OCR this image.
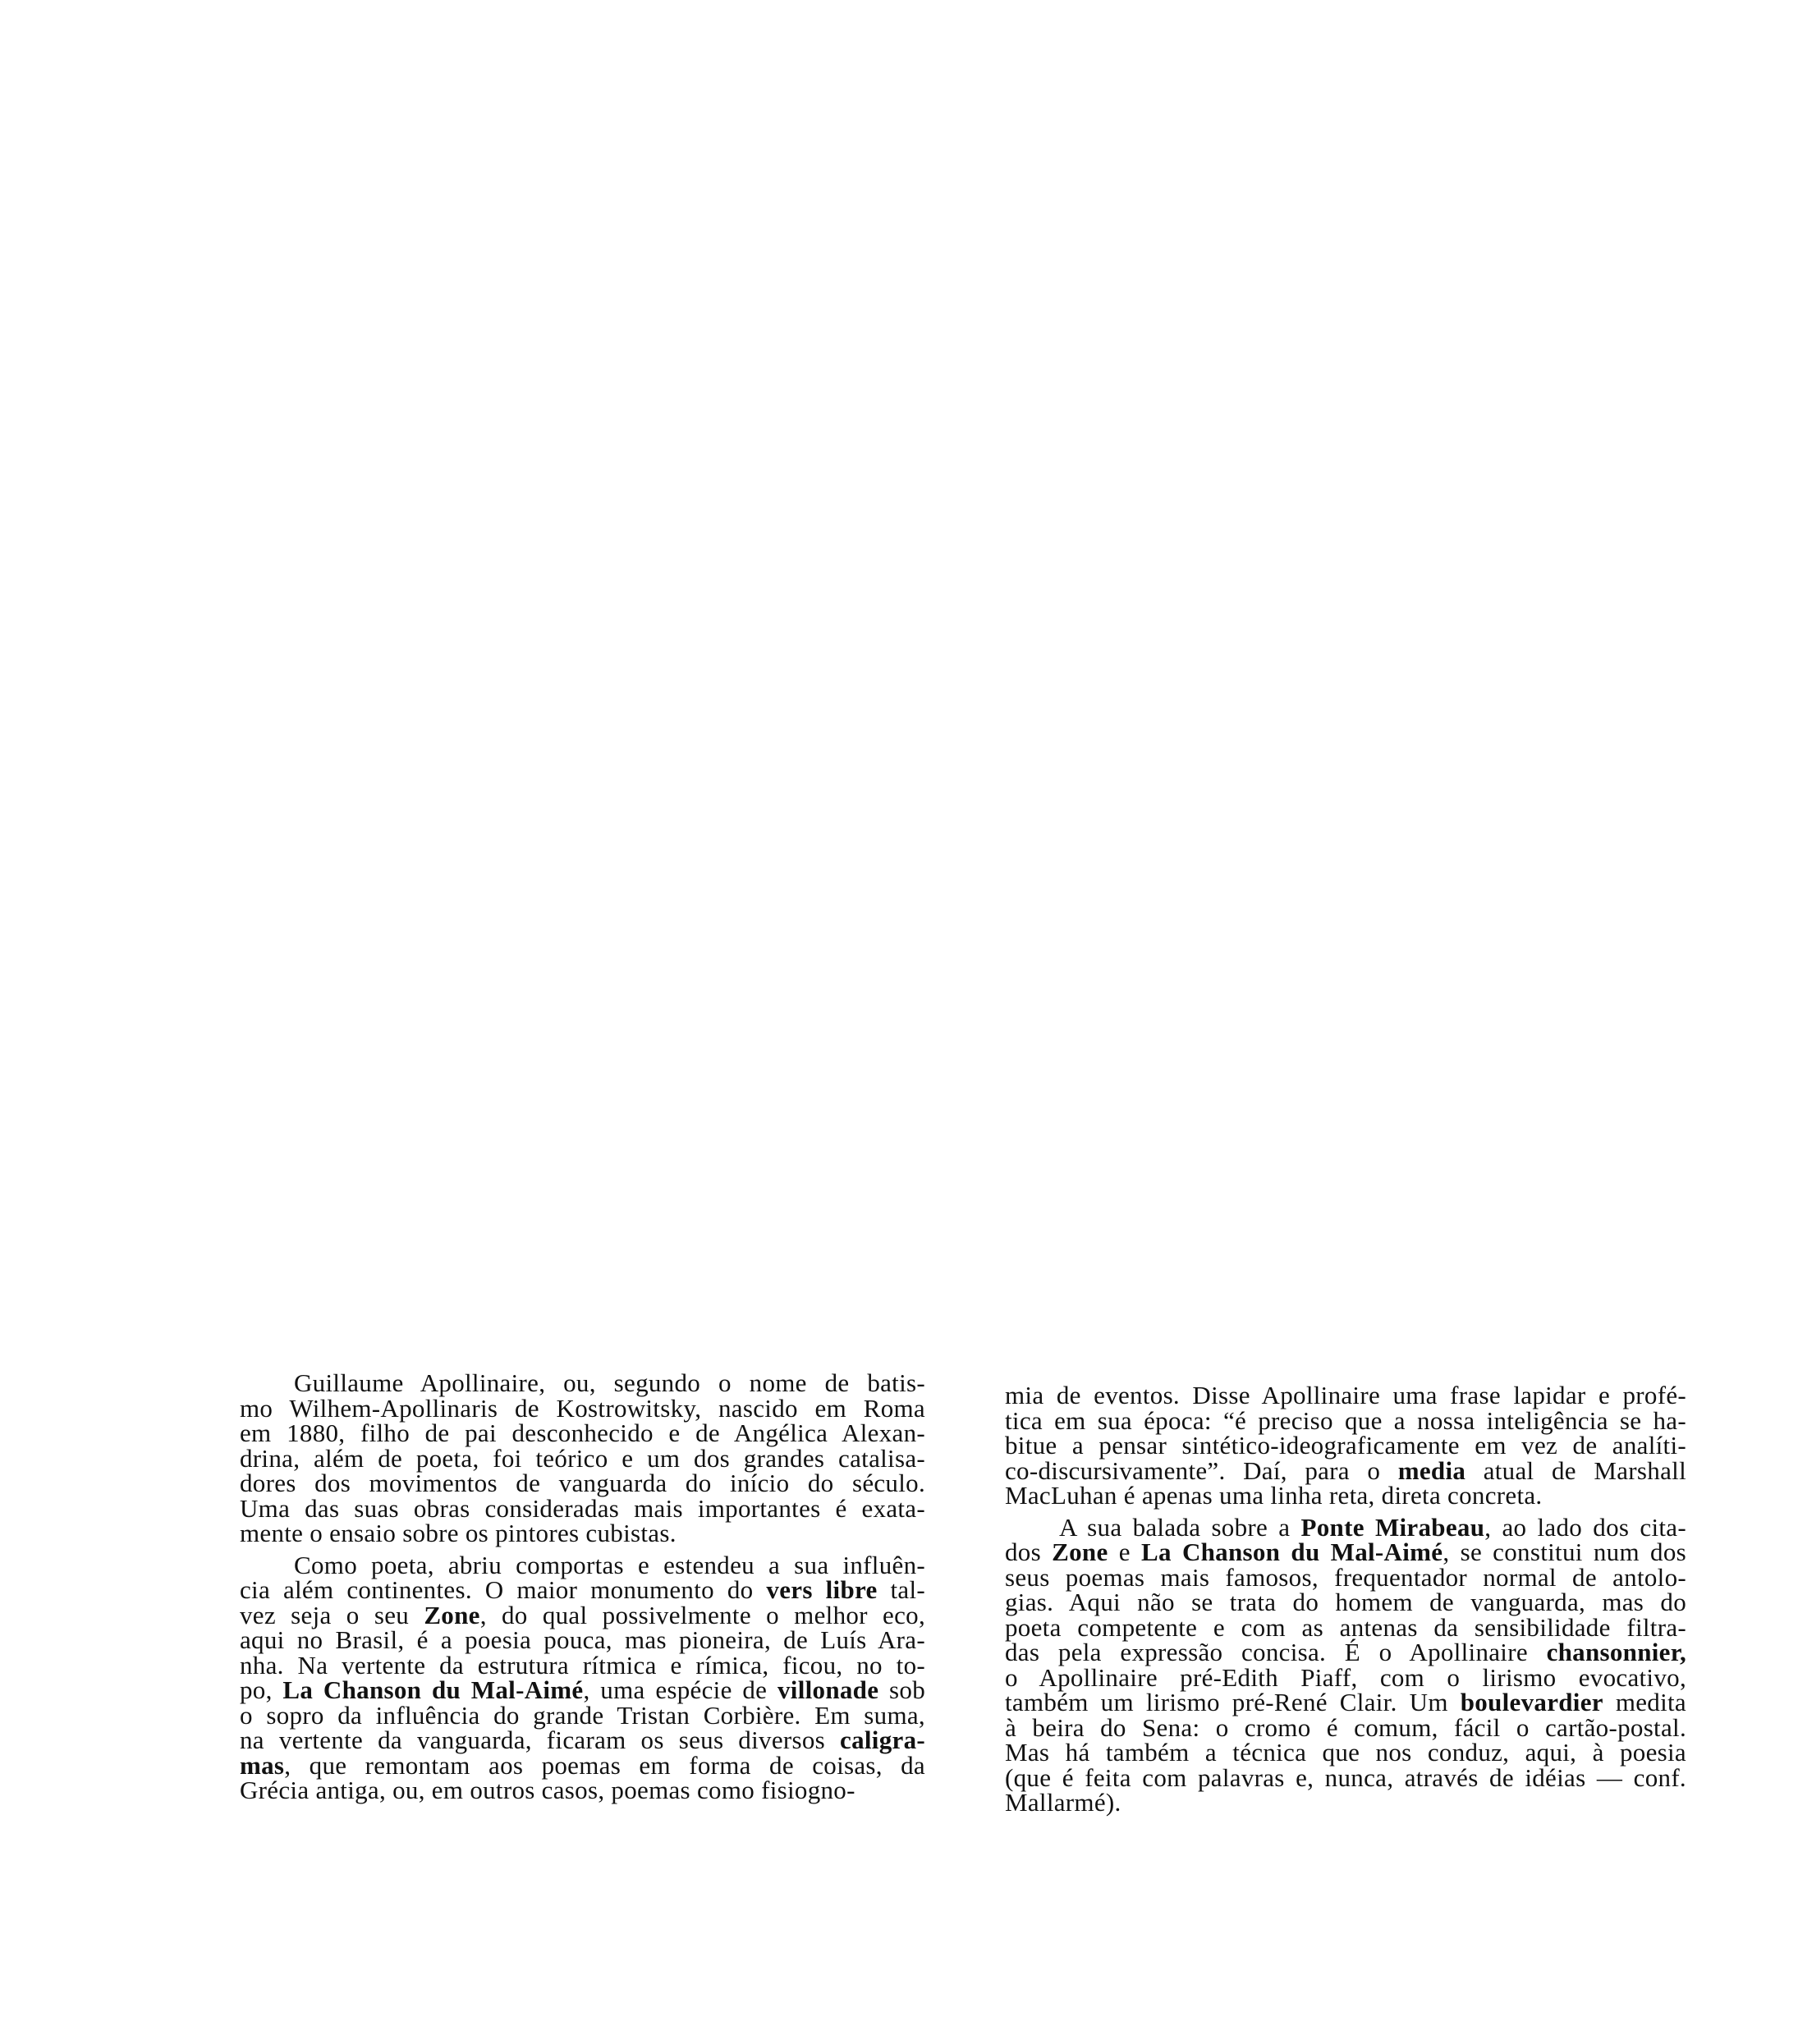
Guillaume Apollinaire, ou, segundo o nome de batis-
mo Wilhem-Apollinaris de Kostrowitsky, nascido em Roma
em 1880, filho de pai desconhecido e de Angélica Alexan-
drina, além de poeta, foi teórico e um dos grandes catalisa-
dores dos movimentos de vanguarda do início do século.
Uma das suas obras consideradas mais importantes é exata-
mente o ensaio sobre os pintores cubistas.
Como poeta, abriu comportas e estendeu a sua influên-
cia além continentes. O maior monumento do vers libre tal-
vez seja o seu Zone, do qual possivelmente o melhor eco,
aqui no Brasil, é a poesia pouca, mas pioneira, de Luís Ara-
nha. Na vertente da estrutura rítmica e rímica, ficou, no to-
po, La Chanson du Mal-Aimé, uma espécie de villonade sob
o sopro da influência do grande Tristan Corbière. Em suma,
na vertente da vanguarda, ficaram os seus diversos caligra-
mas, que remontam aos poemas em forma de coisas, da
Grécia antiga, ou, em outros casos, poemas como fisiogno-
mia de eventos. Disse Apollinaire uma frase lapidar e profé-
tica em sua época: “é preciso que a nossa inteligência se ha-
bitue a pensar sintético-ideograficamente em vez de analíti-
co-discursivamente”. Daí, para o media atual de Marshall
MacLuhan é apenas uma linha reta, direta concreta.
A sua balada sobre a Ponte Mirabeau, ao lado dos cita-
dos Zone e La Chanson du Mal-Aimé, se constitui num dos
seus poemas mais famosos, frequentador normal de antolo-
gias. Aqui não se trata do homem de vanguarda, mas do
poeta competente e com as antenas da sensibilidade filtra-
das pela expressão concisa. É o Apollinaire chansonnier,
o Apollinaire pré-Edith Piaff, com o lirismo evocativo,
também um lirismo pré-René Clair. Um boulevardier medita
à beira do Sena: o cromo é comum, fácil o cartão-postal.
Mas há também a técnica que nos conduz, aqui, à poesia
(que é feita com palavras e, nunca, através de idéias — conf.
Mallarmé).
